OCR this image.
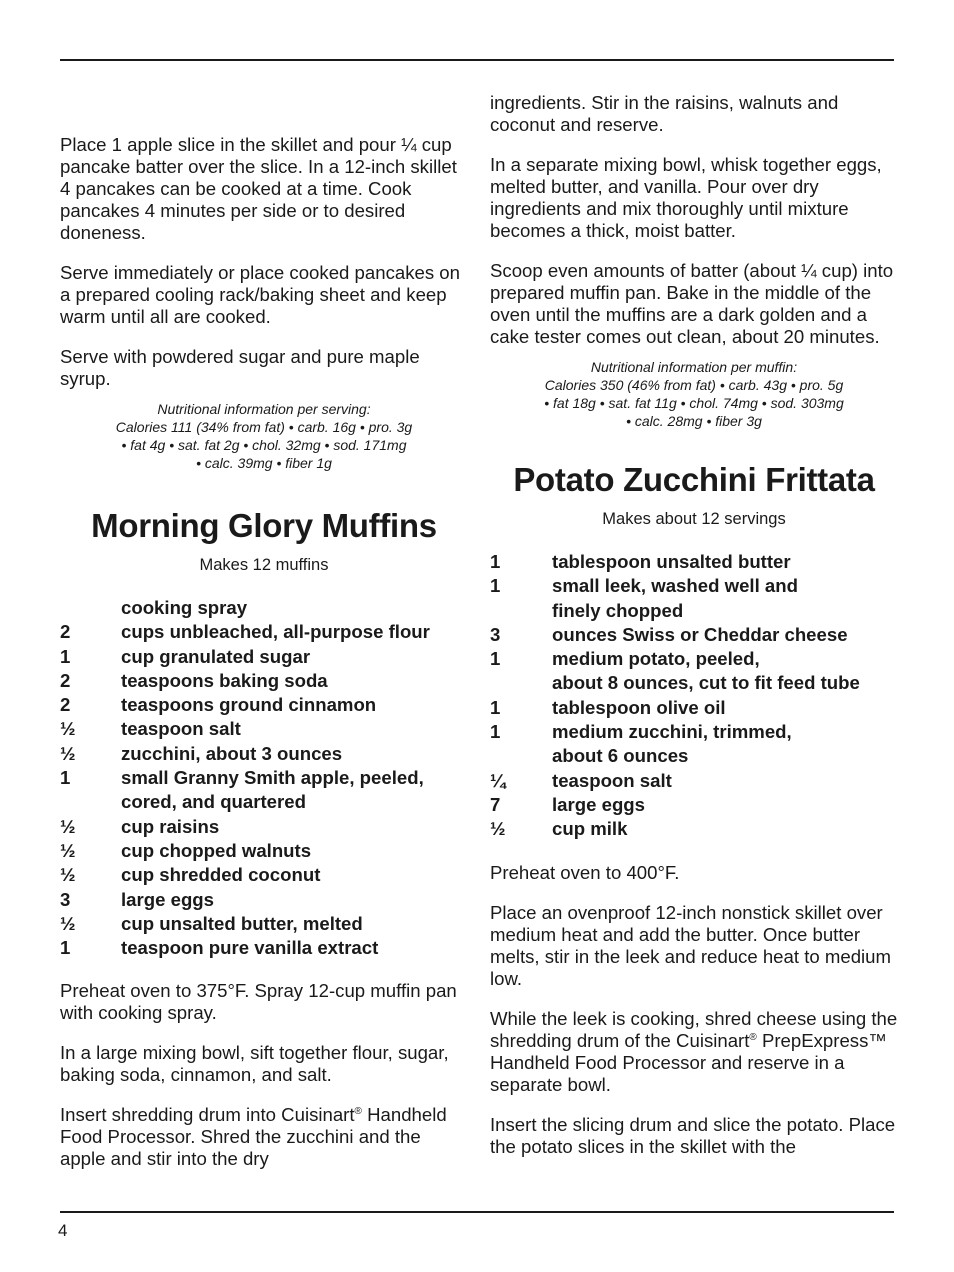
Place 1 apple slice in the skillet and pour ¼ cup pancake batter over the slice. In a 12-inch skillet 4 pancakes can be cooked at a time. Cook pancakes 4 minutes per side or to desired doneness.

Serve immediately or place cooked pancakes on a prepared cooling rack/baking sheet and keep warm until all are cooked.

Serve with powdered sugar and pure maple syrup.

Nutritional information per serving:
Calories 111 (34% from fat) • carb. 16g • pro. 3g
• fat 4g • sat. fat 2g • chol. 32mg • sod. 171mg
• calc. 39mg • fiber 1g
Morning Glory Muffins
Makes 12 muffins
cooking spray
2	cups unbleached, all-purpose flour
1	cup granulated sugar
2	teaspoons baking soda
2	teaspoons ground cinnamon
½	teaspoon salt
½	zucchini, about 3 ounces
1	small Granny Smith apple, peeled,
cored, and quartered
½	cup raisins
½	cup chopped walnuts
½	cup shredded coconut
3	large eggs
½	cup unsalted butter, melted
1	teaspoon pure vanilla extract

Preheat oven to 375°F. Spray 12-cup muffin pan with cooking spray.

In a large mixing bowl, sift together flour, sugar, baking soda, cinnamon, and salt.

Insert shredding drum into Cuisinart® Handheld Food Processor. Shred the zucchini and the apple and stir into the dry

ingredients. Stir in the raisins, walnuts and coconut and reserve.

In a separate mixing bowl, whisk together eggs, melted butter, and vanilla. Pour over dry ingredients and mix thoroughly until mixture becomes a thick, moist batter.

Scoop even amounts of batter (about ¼ cup) into prepared muffin pan. Bake in the middle of the oven until the muffins are a dark golden and a cake tester comes out clean, about 20 minutes.

Nutritional information per muffin:
Calories 350 (46% from fat) • carb. 43g • pro. 5g
• fat 18g • sat. fat 11g • chol. 74mg • sod. 303mg
• calc. 28mg • fiber 3g
Potato Zucchini Frittata
Makes about 12 servings
1	tablespoon unsalted butter
1	small leek, washed well and
finely chopped
3	ounces Swiss or Cheddar cheese
1	medium potato, peeled,
about 8 ounces, cut to fit feed tube
1	tablespoon olive oil
1	medium zucchini, trimmed,
about 6 ounces
¼	teaspoon salt
7	large eggs
½	cup milk

Preheat oven to 400°F.

Place an ovenproof 12-inch nonstick skillet over medium heat and add the butter. Once butter melts, stir in the leek and reduce heat to medium low.

While the leek is cooking, shred cheese using the shredding drum of the Cuisinart® PrepExpress™ Handheld Food Processor and reserve in a separate bowl.

Insert the slicing drum and slice the potato. Place the potato slices in the skillet with the

4
